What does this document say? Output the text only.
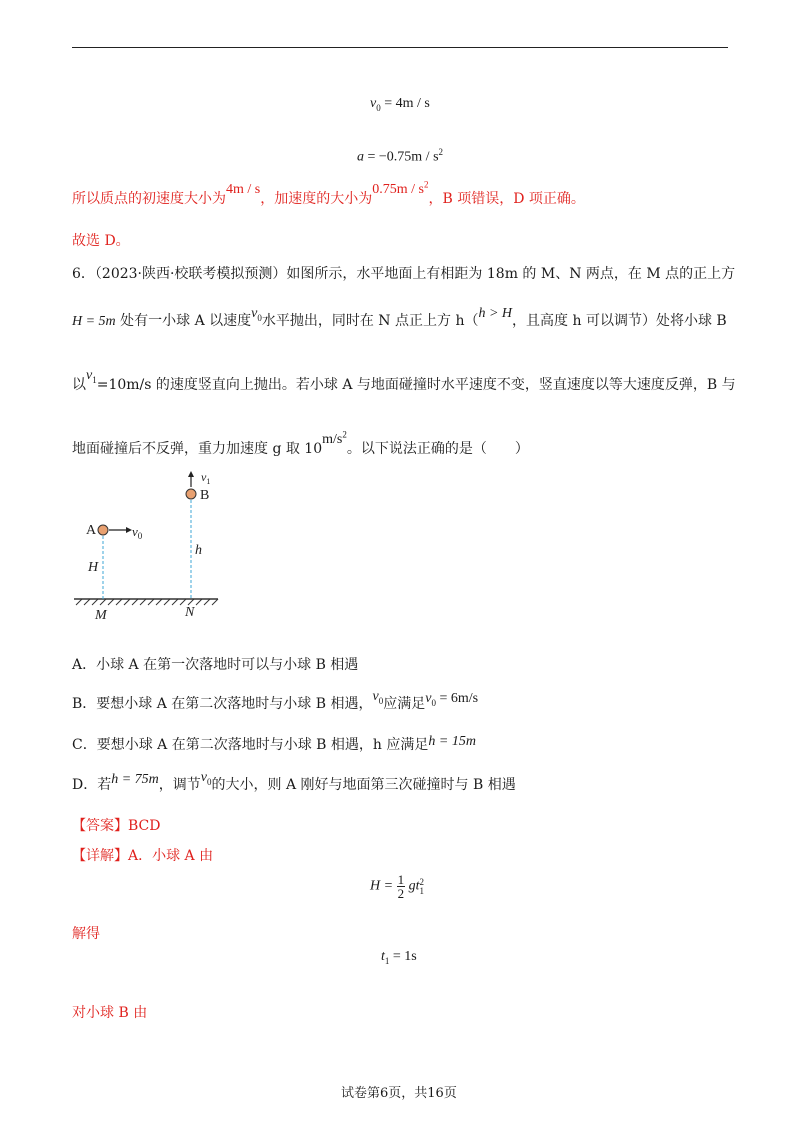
$v_0 = 4m / s$
$a = -0.75m / s^2$
所以质点的初速度大小为4m / s，加速度的大小为$0.75m / s^2$，B 项错误，D 项正确。
故选 D。
6．（2023·陕西·校联考模拟预测）如图所示，水平地面上有相距为 18m 的 M、N 两点，在 M 点的正上方
H = 5m 处有一小球 A 以速度$v_0$水平抛出，同时在 N 点正上方 h（h > H，且高度 h 可以调节）处将小球 B
以$v_1=10m/s$ 的速度竖直向上抛出。若小球 A 与地面碰撞时水平速度不变，竖直速度以等大速度反弹，B 与
地面碰撞后不反弹，重力加速度 g 取 $10m/s^2$。以下说法正确的是（　　）
A	$v_0$
B
$v_1$
H
h
M	N
A．小球 A 在第一次落地时可以与小球 B 相遇
B．要想小球 A 在第二次落地时与小球 B 相遇，$v_0$应满足$v_0 = 6m/s$
C．要想小球 A 在第二次落地时与小球 B 相遇，h 应满足h = 15m
D．若h = 75m，调节$v_0$的大小，则 A 刚好与地面第三次碰撞时与 B 相遇
【答案】BCD
【详解】A．小球 A 由
$H = \frac{1}{2}$ gt 2
1
解得
$t_1 = 1s$
对小球 B 由
试卷第6页，共16页
